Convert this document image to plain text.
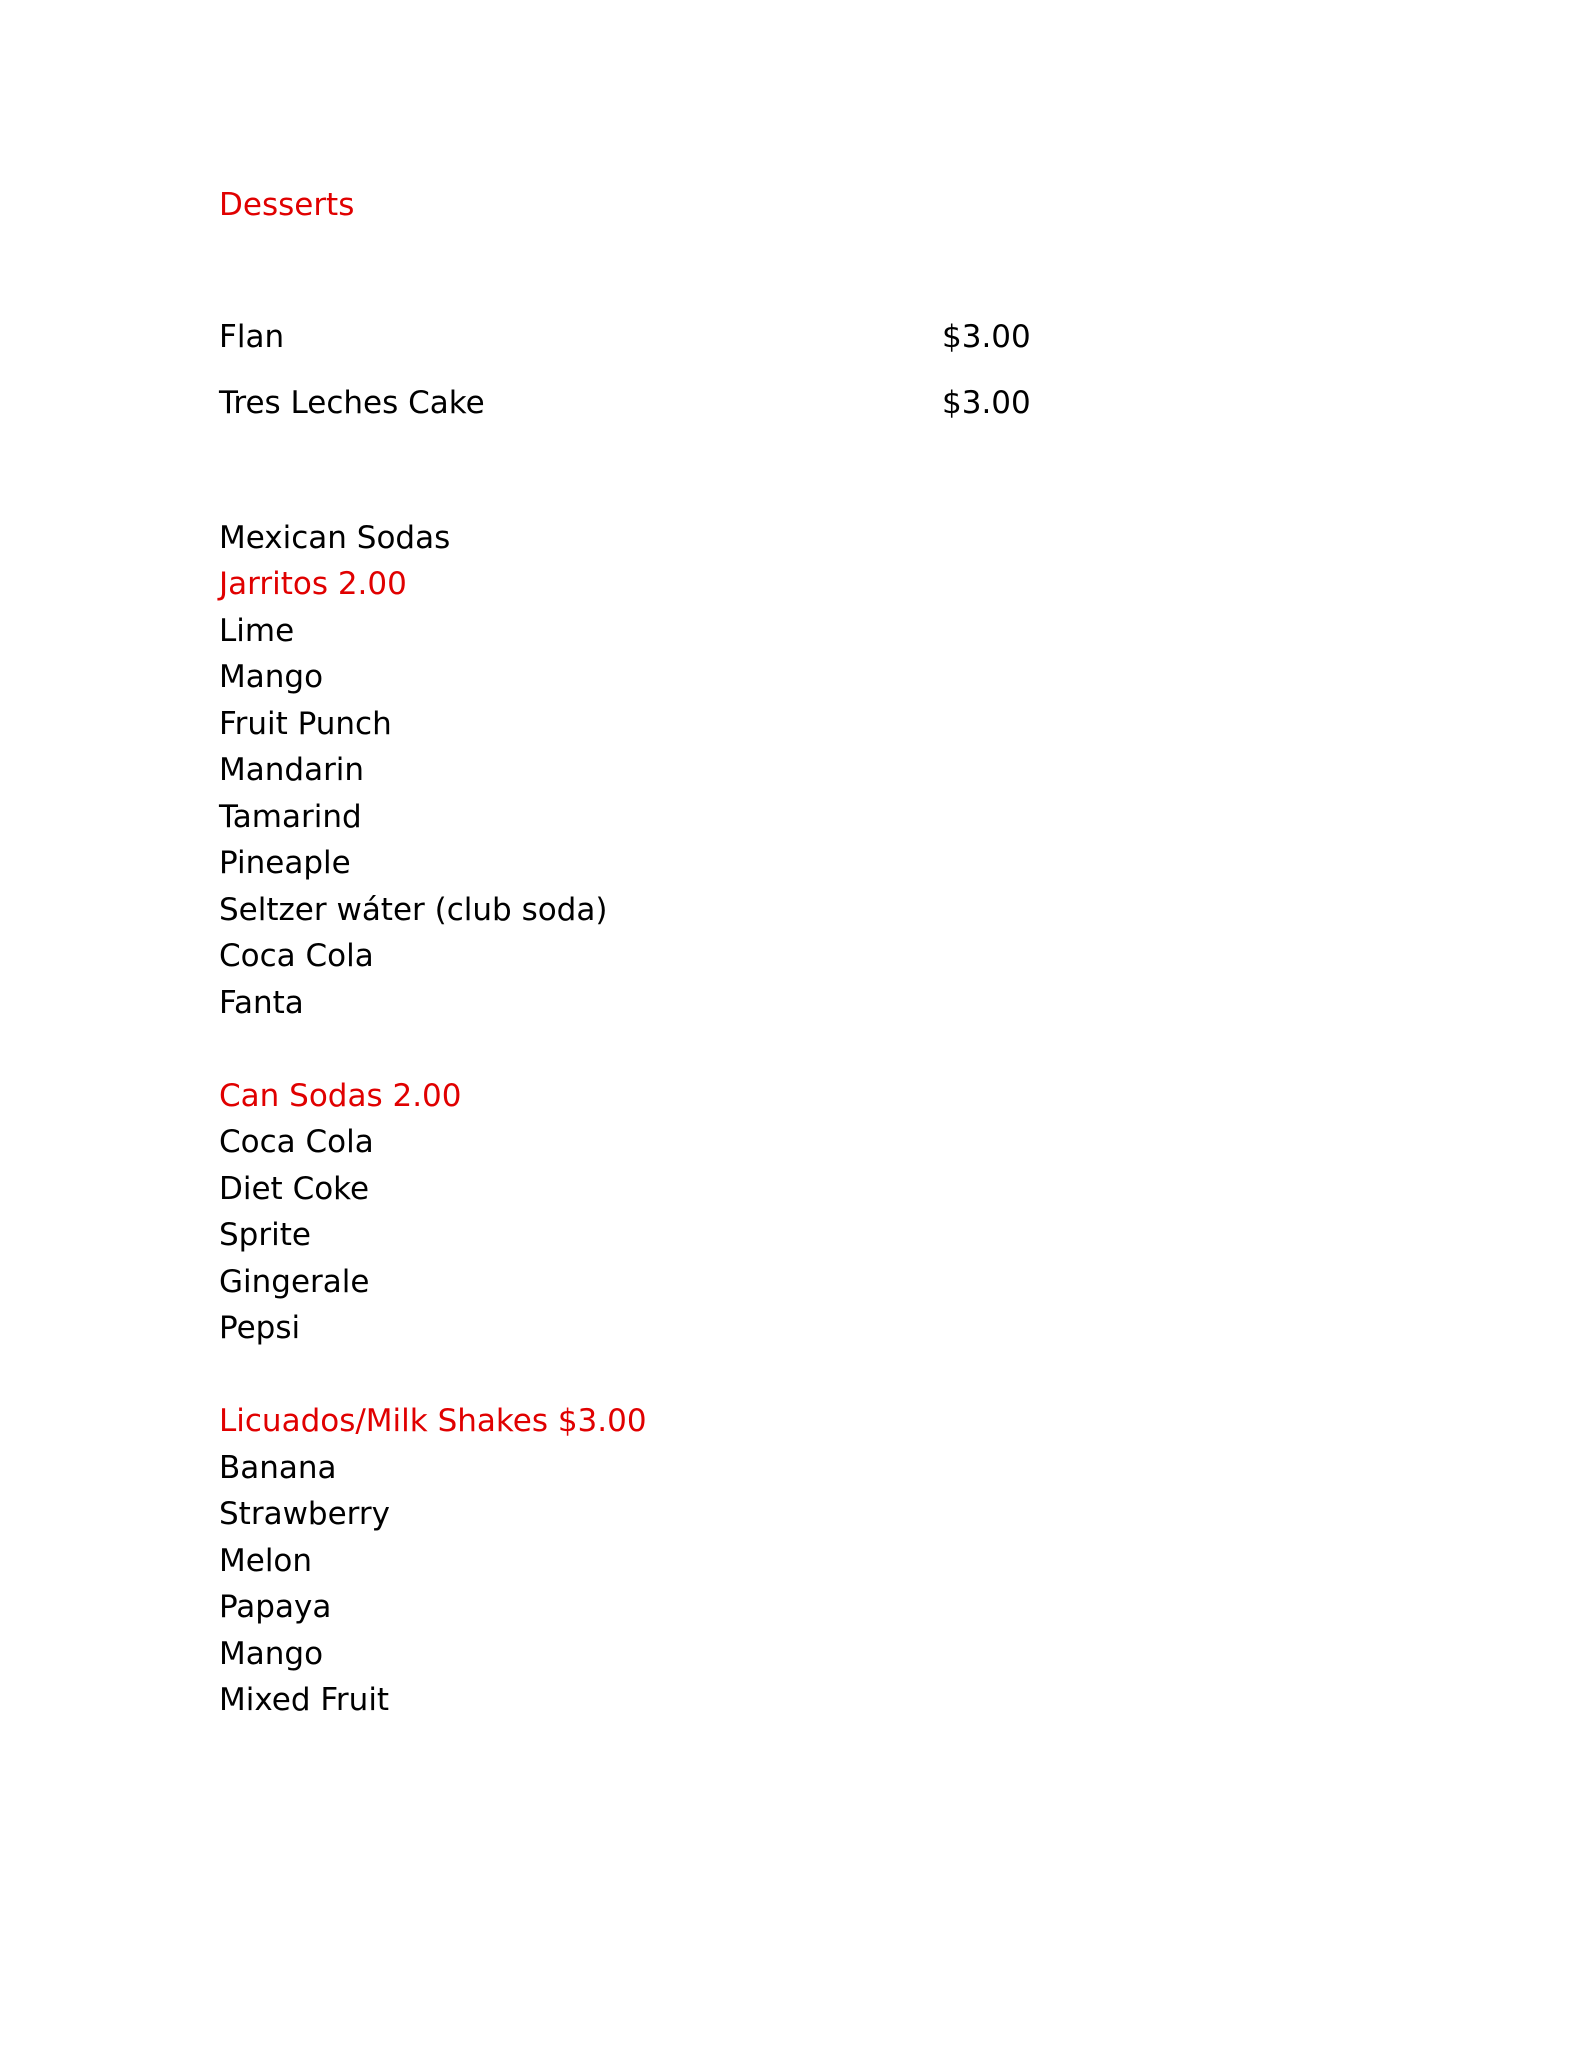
Desserts
Flan	$3.00
Tres Leches Cake	$3.00
Mexican Sodas
Jarritos 2.00
Lime
Mango
Fruit Punch
Mandarin
Tamarind
Pineaple
Seltzer wáter (club soda)
Coca Cola
Fanta
Can Sodas 2.00
Coca Cola
Diet Coke
Sprite
Gingerale
Pepsi
Licuados/Milk Shakes $3.00
Banana
Strawberry
Melon
Papaya
Mango
Mixed Fruit
